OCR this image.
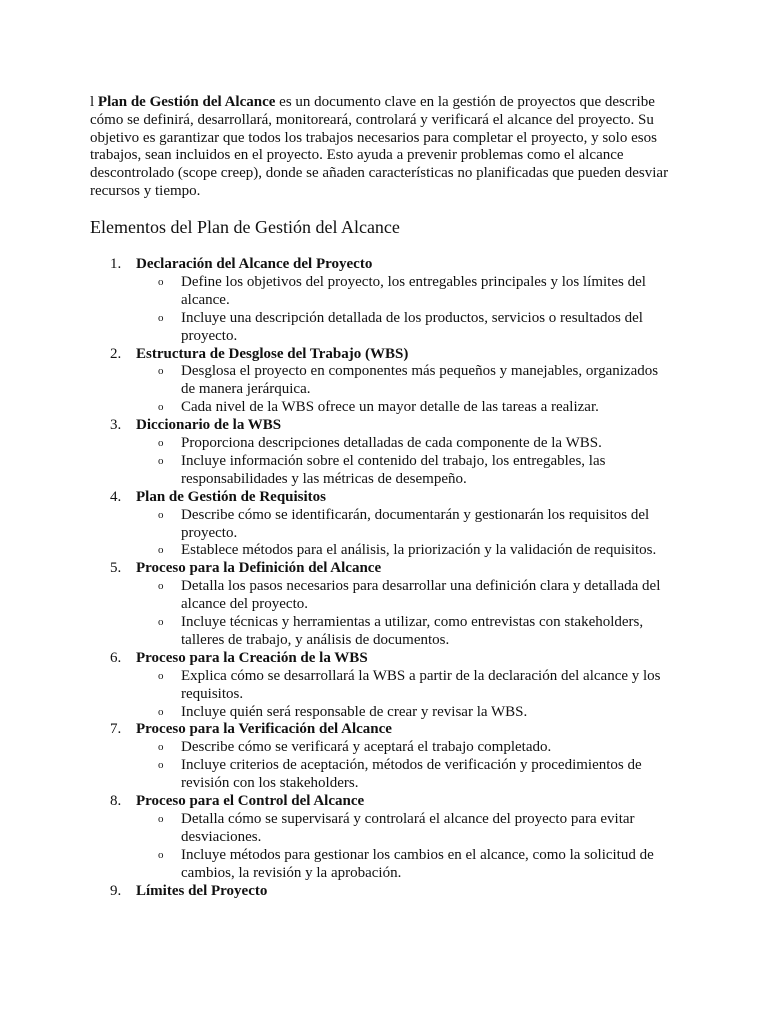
l Plan de Gestión del Alcance es un documento clave en la gestión de proyectos que describe cómo se definirá, desarrollará, monitoreará, controlará y verificará el alcance del proyecto. Su objetivo es garantizar que todos los trabajos necesarios para completar el proyecto, y solo esos trabajos, sean incluidos en el proyecto. Esto ayuda a prevenir problemas como el alcance descontrolado (scope creep), donde se añaden características no planificadas que pueden desviar recursos y tiempo.

Elementos del Plan de Gestión del Alcance
1. Declaración del Alcance del Proyecto
o	Define los objetivos del proyecto, los entregables principales y los límites del alcance.
o	Incluye una descripción detallada de los productos, servicios o resultados del proyecto.
2. Estructura de Desglose del Trabajo (WBS)
o	Desglosa el proyecto en componentes más pequeños y manejables, organizados de manera jerárquica.
o	Cada nivel de la WBS ofrece un mayor detalle de las tareas a realizar.
3. Diccionario de la WBS
o	Proporciona descripciones detalladas de cada componente de la WBS.
o	Incluye información sobre el contenido del trabajo, los entregables, las responsabilidades y las métricas de desempeño.
4. Plan de Gestión de Requisitos
o	Describe cómo se identificarán, documentarán y gestionarán los requisitos del proyecto.
o	Establece métodos para el análisis, la priorización y la validación de requisitos.
5. Proceso para la Definición del Alcance
o	Detalla los pasos necesarios para desarrollar una definición clara y detallada del alcance del proyecto.
o	Incluye técnicas y herramientas a utilizar, como entrevistas con stakeholders, talleres de trabajo, y análisis de documentos.
6. Proceso para la Creación de la WBS
o	Explica cómo se desarrollará la WBS a partir de la declaración del alcance y los requisitos.
o	Incluye quién será responsable de crear y revisar la WBS.
7. Proceso para la Verificación del Alcance
o	Describe cómo se verificará y aceptará el trabajo completado.
o	Incluye criterios de aceptación, métodos de verificación y procedimientos de revisión con los stakeholders.
8. Proceso para el Control del Alcance
o	Detalla cómo se supervisará y controlará el alcance del proyecto para evitar desviaciones.
o	Incluye métodos para gestionar los cambios en el alcance, como la solicitud de cambios, la revisión y la aprobación.
9. Límites del Proyecto
